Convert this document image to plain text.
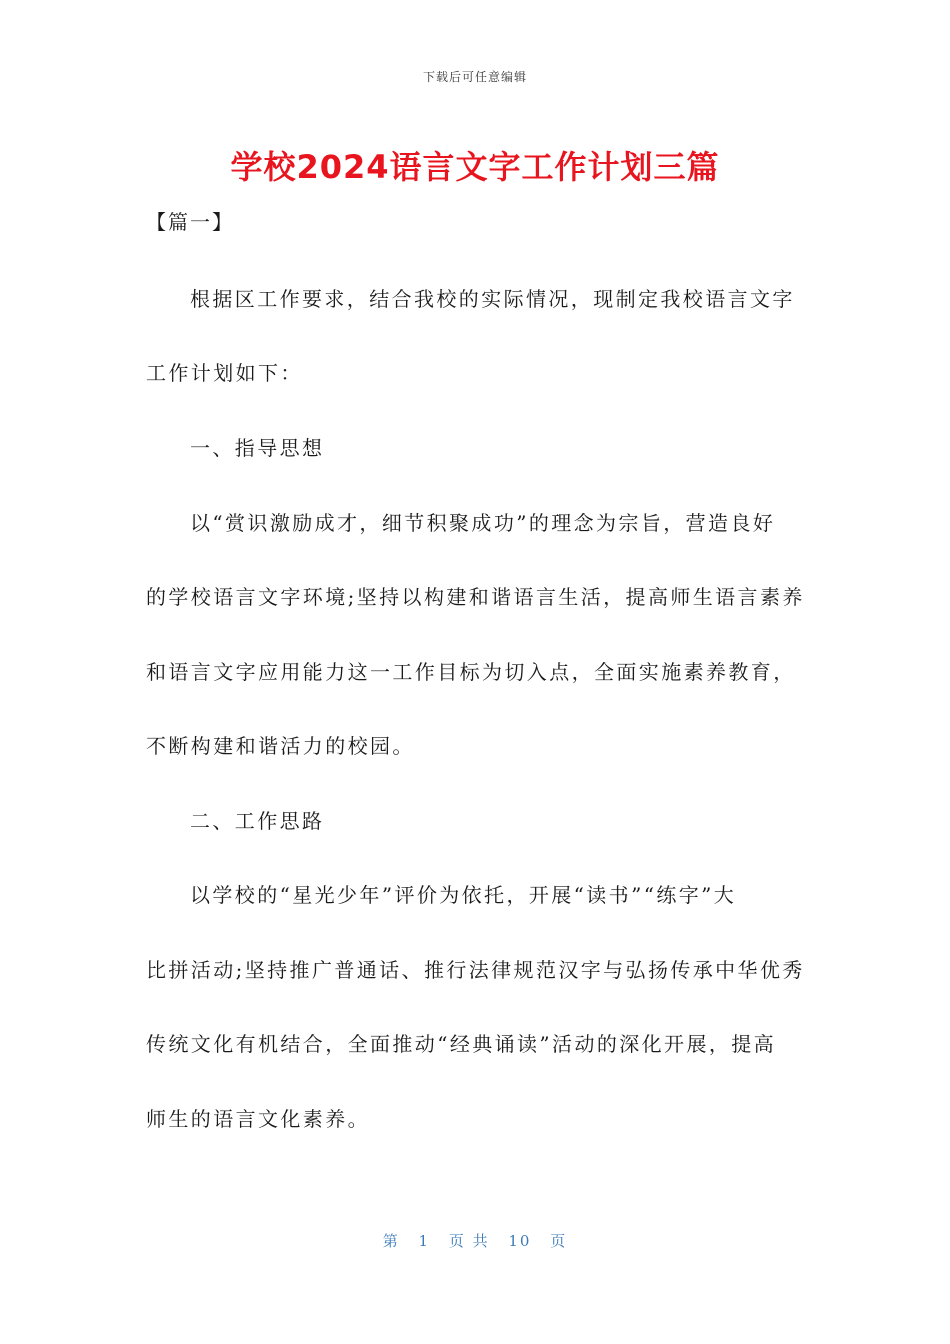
下载后可任意编辑
学校2024语言文字工作计划三篇
【篇一】
根据区工作要求，结合我校的实际情况，现制定我校语言文字
工作计划如下：
一、指导思想
以“赏识激励成才，细节积聚成功”的理念为宗旨，营造良好
的学校语言文字环境;坚持以构建和谐语言生活，提高师生语言素养
和语言文字应用能力这一工作目标为切入点，全面实施素养教育，
不断构建和谐活力的校园。
二、工作思路
以学校的“星光少年”评价为依托，开展“读书”“练字”大
比拼活动;坚持推广普通话、推行法律规范汉字与弘扬传承中华优秀
传统文化有机结合，全面推动“经典诵读”活动的深化开展，提高
师生的语言文化素养。
第 1 页 共 10 页
